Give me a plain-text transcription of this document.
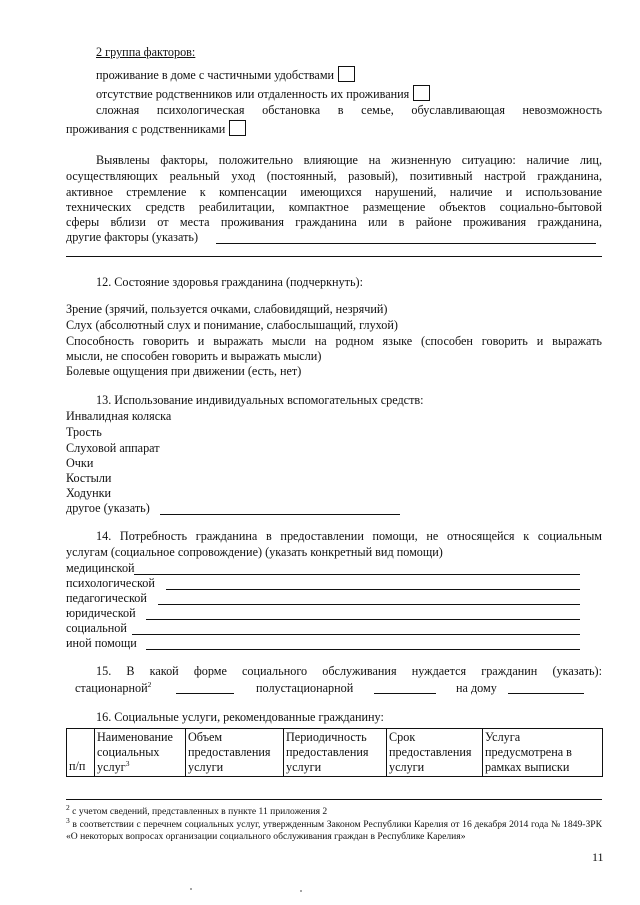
2 группа факторов:
проживание в доме с частичными удобствами
отсутствие родственников или отдаленность их проживания
сложная психологическая обстановка в семье, обуславливающая невозможность
проживания с родственниками
Выявлены факторы, положительно влияющие на жизненную ситуацию: наличие лиц,
осуществляющих реальный уход (постоянный, разовый), позитивный настрой гражданина,
активное стремление к компенсации имеющихся нарушений, наличие и использование
технических средств реабилитации, компактное размещение объектов социально-бытовой
сферы вблизи от места проживания гражданина или в районе проживания гражданина,
другие факторы (указать)
12. Состояние здоровья гражданина (подчеркнуть):
Зрение (зрячий, пользуется очками, слабовидящий, незрячий)
Слух (абсолютный слух и понимание, слабослышащий, глухой)
Способность говорить и выражать мысли на родном языке (способен говорить и выражать
мысли, не способен говорить и выражать мысли)
Болевые ощущения при движении (есть, нет)
13. Использование индивидуальных вспомогательных средств:
Инвалидная коляска
Трость
Слуховой аппарат
Очки
Костыли
Ходунки
другое (указать)
14. Потребность гражданина в предоставлении помощи, не относящейся к социальным
услугам (социальное сопровождение) (указать конкретный вид помощи)
медицинской
психологической
педагогической
юридической
социальной
иной помощи
15. В какой форме социального обслуживания нуждается гражданин (указать):
стационарной$^2$	полустационарной	на дому
16. Социальные услуги, рекомендованные гражданину:
п/п	Наименование социальных услуг$^3$	Объем предоставления услуги	Периодичность предоставления услуги	Срок предоставления услуги	Услуга предусмотрена в рамках выписки
$^2$ с учетом сведений, представленных в пункте 11 приложения 2
$^3$ в соответствии с перечнем социальных услуг, утвержденным Законом Республики Карелия от 16 декабря 2014 года № 1849-ЗРК «О некоторых вопросах организации социального обслуживания граждан в Республике Карелия»
11
